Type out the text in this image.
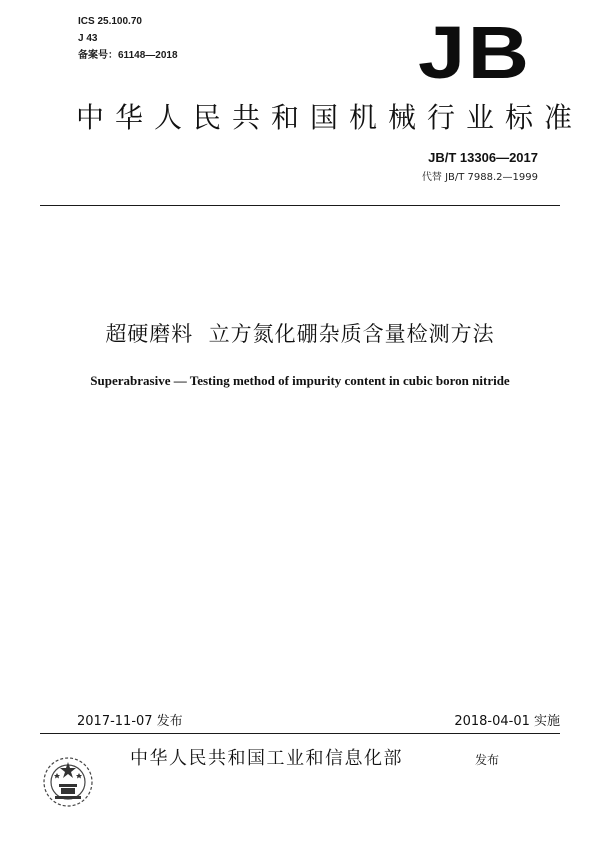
ICS 25.100.70
J 43
备案号：61148—2018	JB
中华人民共和国机械行业标准
JB/T 13306—2017
代替 JB/T 7988.2—1999
超硬磨料  立方氮化硼杂质含量检测方法
Superabrasive — Testing method of impurity content in cubic boron nitride
2017-11-07 发布	2018-04-01 实施
中华人民共和国工业和信息化部	发布
